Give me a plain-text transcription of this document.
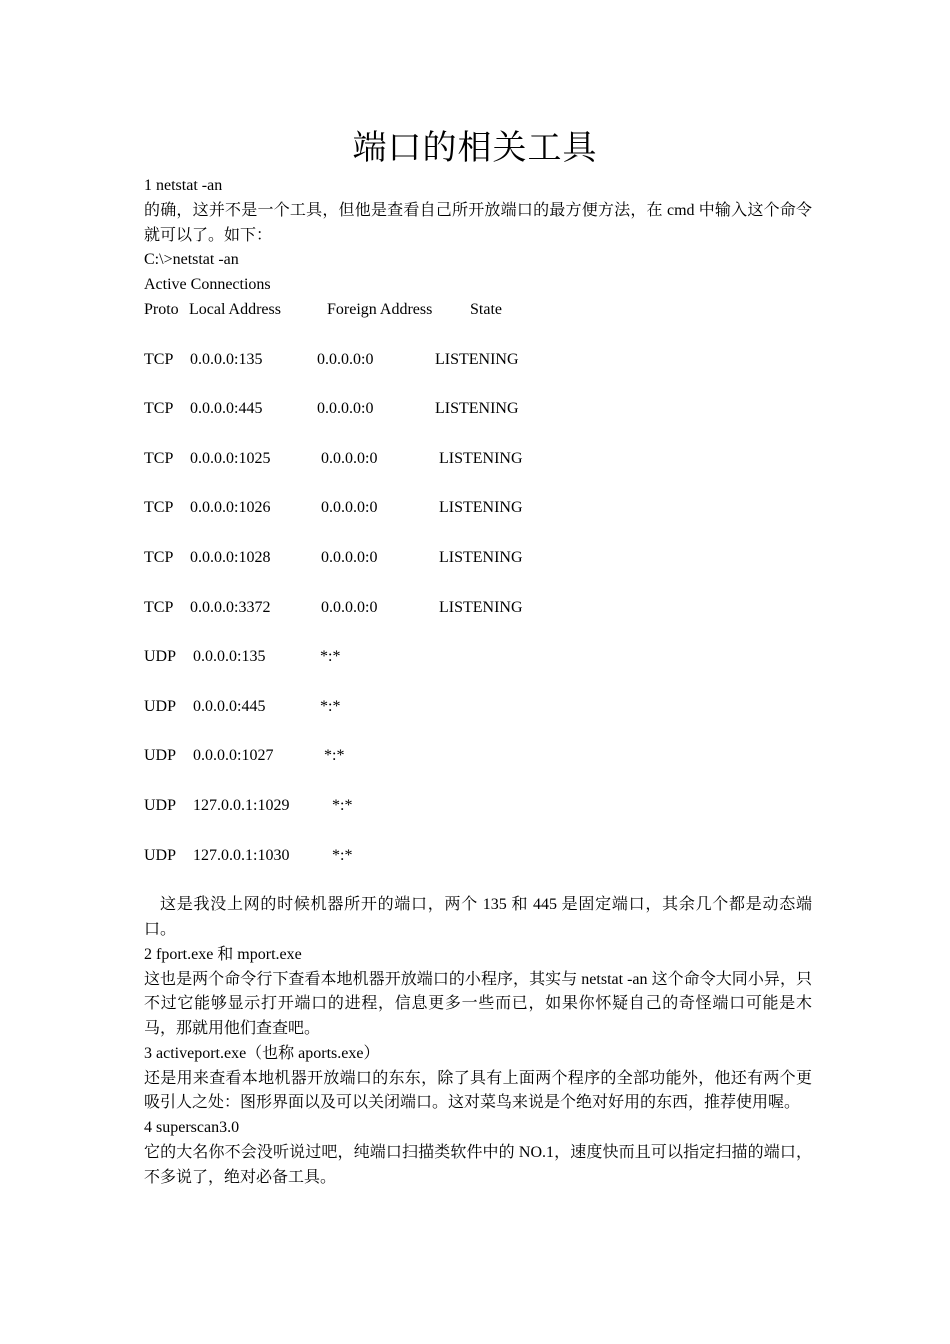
端口的相关工具
1 netstat -an
的确，这并不是一个工具，但他是查看自己所开放端口的最方便方法，在 cmd 中输入这个命令就可以了。如下：
C:\>netstat -an
Active Connections
Proto Local Address	Foreign Address State
TCP 0.0.0.0:135	0.0.0.0:0	LISTENING
TCP 0.0.0.0:445	0.0.0.0:0	LISTENING
TCP 0.0.0.0:1025	0.0.0.0:0	LISTENING
TCP 0.0.0.0:1026	0.0.0.0:0	LISTENING
TCP 0.0.0.0:1028	0.0.0.0:0	LISTENING
TCP 0.0.0.0:3372	0.0.0.0:0	LISTENING
UDP 0.0.0.0:135	*:*
UDP 0.0.0.0:445	*:*
UDP 0.0.0.0:1027	*:*
UDP 127.0.0.1:1029	*:*
UDP 127.0.0.1:1030	*:*
这是我没上网的时候机器所开的端口，两个 135 和 445 是固定端口，其余几个都是动态端口。
2 fport.exe 和 mport.exe
这也是两个命令行下查看本地机器开放端口的小程序，其实与 netstat -an 这个命令大同小异，只不过它能够显示打开端口的进程，信息更多一些而已，如果你怀疑自己的奇怪端口可能是木马，那就用他们查查吧。
3 activeport.exe（也称 aports.exe）
还是用来查看本地机器开放端口的东东，除了具有上面两个程序的全部功能外，他还有两个更吸引人之处：图形界面以及可以关闭端口。这对菜鸟来说是个绝对好用的东西，推荐使用喔。
4 superscan3.0
它的大名你不会没听说过吧，纯端口扫描类软件中的 NO.1，速度快而且可以指定扫描的端口，不多说了，绝对必备工具。
